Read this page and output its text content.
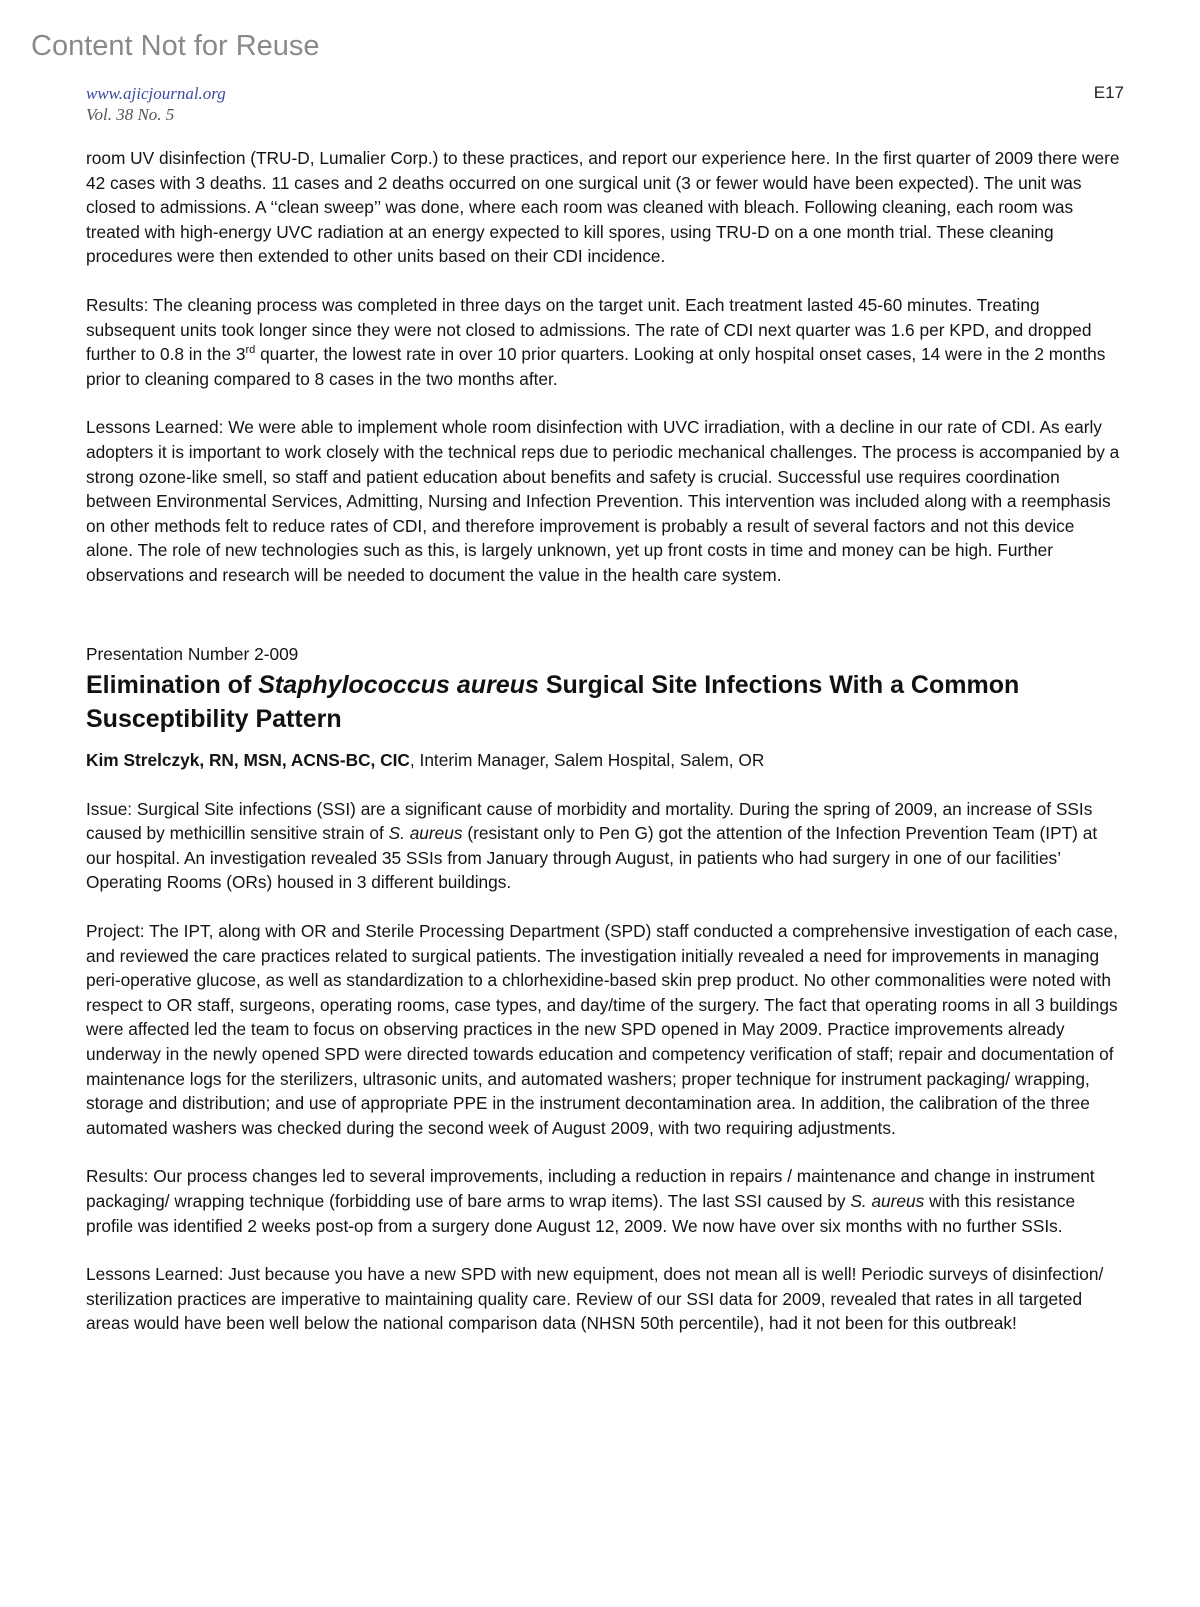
Content Not for Reuse
www.ajicjournal.org
Vol. 38 No. 5
E17

room UV disinfection (TRU-D, Lumalier Corp.) to these practices, and report our experience here. In the first quarter of 2009 there were 42 cases with 3 deaths. 11 cases and 2 deaths occurred on one surgical unit (3 or fewer would have been expected). The unit was closed to admissions. A ‘‘clean sweep’’ was done, where each room was cleaned with bleach. Following cleaning, each room was treated with high-energy UVC radiation at an energy expected to kill spores, using TRU-D on a one month trial. These cleaning procedures were then extended to other units based on their CDI incidence.

Results: The cleaning process was completed in three days on the target unit. Each treatment lasted 45-60 minutes. Treating subsequent units took longer since they were not closed to admissions. The rate of CDI next quarter was 1.6 per KPD, and dropped further to 0.8 in the 3rd quarter, the lowest rate in over 10 prior quarters. Looking at only hospital onset cases, 14 were in the 2 months prior to cleaning compared to 8 cases in the two months after.

Lessons Learned: We were able to implement whole room disinfection with UVC irradiation, with a decline in our rate of CDI. As early adopters it is important to work closely with the technical reps due to periodic mechanical challenges. The process is accompanied by a strong ozone-like smell, so staff and patient education about benefits and safety is crucial. Successful use requires coordination between Environmental Services, Admitting, Nursing and Infection Prevention. This intervention was included along with a reemphasis on other methods felt to reduce rates of CDI, and therefore improvement is probably a result of several factors and not this device alone. The role of new technologies such as this, is largely unknown, yet up front costs in time and money can be high. Further observations and research will be needed to document the value in the health care system.

Presentation Number 2-009
Elimination of Staphylococcus aureus Surgical Site Infections With a Common Susceptibility Pattern

Kim Strelczyk, RN, MSN, ACNS-BC, CIC, Interim Manager, Salem Hospital, Salem, OR

Issue: Surgical Site infections (SSI) are a significant cause of morbidity and mortality. During the spring of 2009, an increase of SSIs caused by methicillin sensitive strain of S. aureus (resistant only to Pen G) got the attention of the Infection Prevention Team (IPT) at our hospital. An investigation revealed 35 SSIs from January through August, in patients who had surgery in one of our facilities’ Operating Rooms (ORs) housed in 3 different buildings.

Project: The IPT, along with OR and Sterile Processing Department (SPD) staff conducted a comprehensive investigation of each case, and reviewed the care practices related to surgical patients. The investigation initially revealed a need for improvements in managing peri-operative glucose, as well as standardization to a chlorhexidine-based skin prep product. No other commonalities were noted with respect to OR staff, surgeons, operating rooms, case types, and day/time of the surgery. The fact that operating rooms in all 3 buildings were affected led the team to focus on observing practices in the new SPD opened in May 2009. Practice improvements already underway in the newly opened SPD were directed towards education and competency verification of staff; repair and documentation of maintenance logs for the sterilizers, ultrasonic units, and automated washers; proper technique for instrument packaging/ wrapping, storage and distribution; and use of appropriate PPE in the instrument decontamination area. In addition, the calibration of the three automated washers was checked during the second week of August 2009, with two requiring adjustments.

Results: Our process changes led to several improvements, including a reduction in repairs / maintenance and change in instrument packaging/ wrapping technique (forbidding use of bare arms to wrap items). The last SSI caused by S. aureus with this resistance profile was identified 2 weeks post-op from a surgery done August 12, 2009. We now have over six months with no further SSIs.

Lessons Learned: Just because you have a new SPD with new equipment, does not mean all is well! Periodic surveys of disinfection/ sterilization practices are imperative to maintaining quality care. Review of our SSI data for 2009, revealed that rates in all targeted areas would have been well below the national comparison data (NHSN 50th percentile), had it not been for this outbreak!
